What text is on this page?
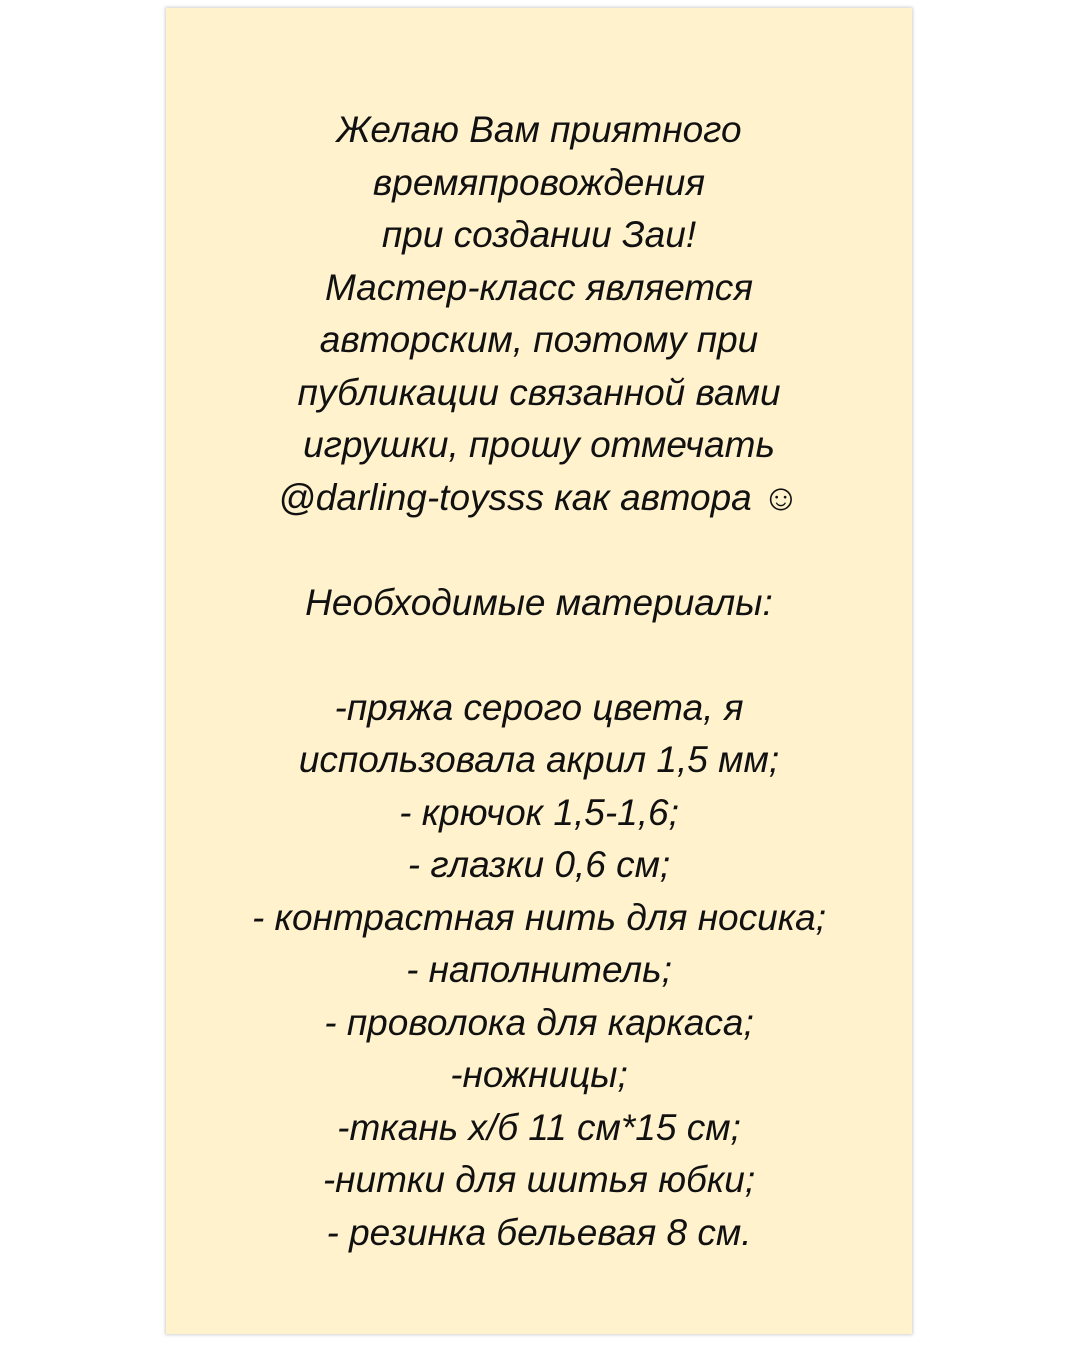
Желаю Вам приятного
времяпровождения
при создании Заи!
Мастер-класс является
авторским, поэтому при
публикации связанной вами
игрушки, прошу отмечать
@darling-toysss как автора ☺
Необходимые материалы:
-пряжа серого цвета, я
использовала акрил 1,5 мм;
- крючок 1,5-1,6;
- глазки 0,6 см;
- контрастная нить для носика;
- наполнитель;
- проволока для каркаса;
-ножницы;
-ткань х/б 11 см*15 см;
-нитки для шитья юбки;
- резинка бельевая 8 см.
